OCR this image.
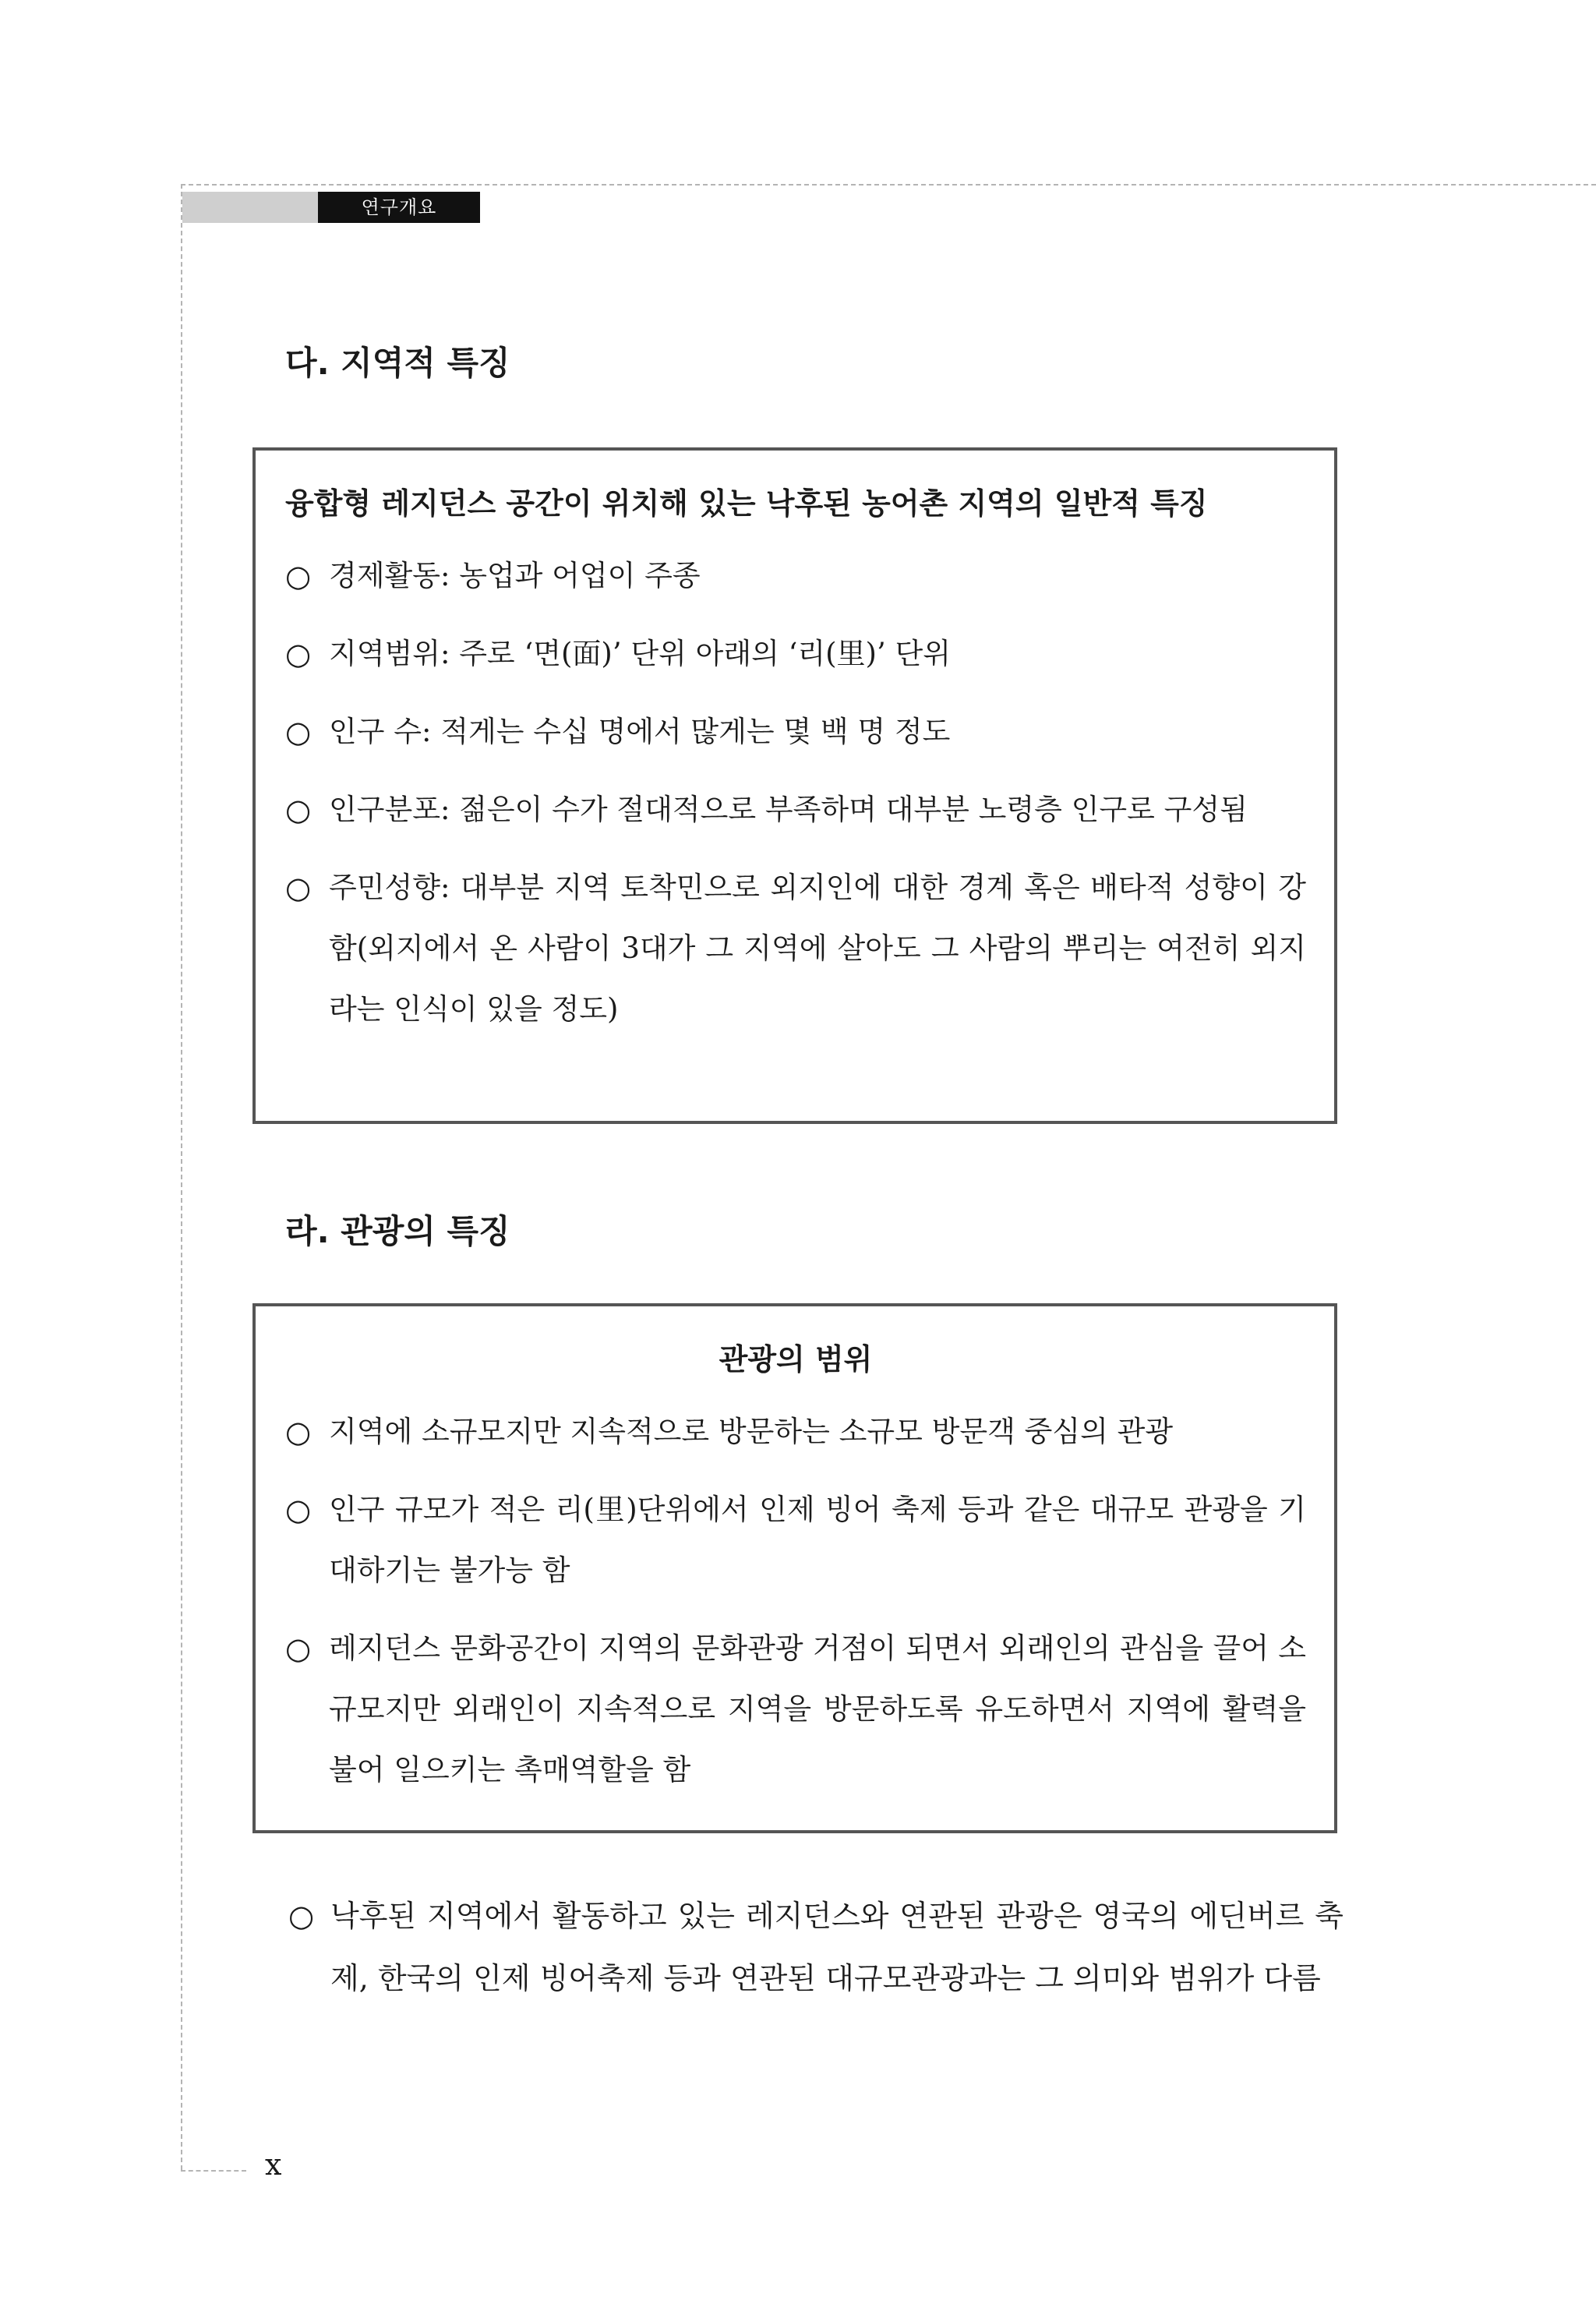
연구개요
다. 지역적 특징

융합형 레지던스 공간이 위치해 있는 낙후된 농어촌 지역의 일반적 특징

○ 경제활동: 농업과 어업이 주종
○ 지역범위: 주로 ‘면(面)’ 단위 아래의 ‘리(里)’ 단위
○ 인구 수: 적게는 수십 명에서 많게는 몇 백 명 정도
○ 인구분포: 젊은이 수가 절대적으로 부족하며 대부분 노령층 인구로 구성됨
○ 주민성향: 대부분 지역 토착민으로 외지인에 대한 경계 혹은 배타적 성향이 강함(외지에서 온 사람이 3대가 그 지역에 살아도 그 사람의 뿌리는 여전히 외지라는 인식이 있을 정도)
라. 관광의 특징

관광의 범위

○ 지역에 소규모지만 지속적으로 방문하는 소규모 방문객 중심의 관광
○ 인구 규모가 적은 리(里)단위에서 인제 빙어 축제 등과 같은 대규모 관광을 기대하기는 불가능 함
○ 레지던스 문화공간이 지역의 문화관광 거점이 되면서 외래인의 관심을 끌어 소규모지만 외래인이 지속적으로 지역을 방문하도록 유도하면서 지역에 활력을 불어 일으키는 촉매역할을 함

○ 낙후된 지역에서 활동하고 있는 레지던스와 연관된 관광은 영국의 에딘버르 축제, 한국의 인제 빙어축제 등과 연관된 대규모관광과는 그 의미와 범위가 다름

x
